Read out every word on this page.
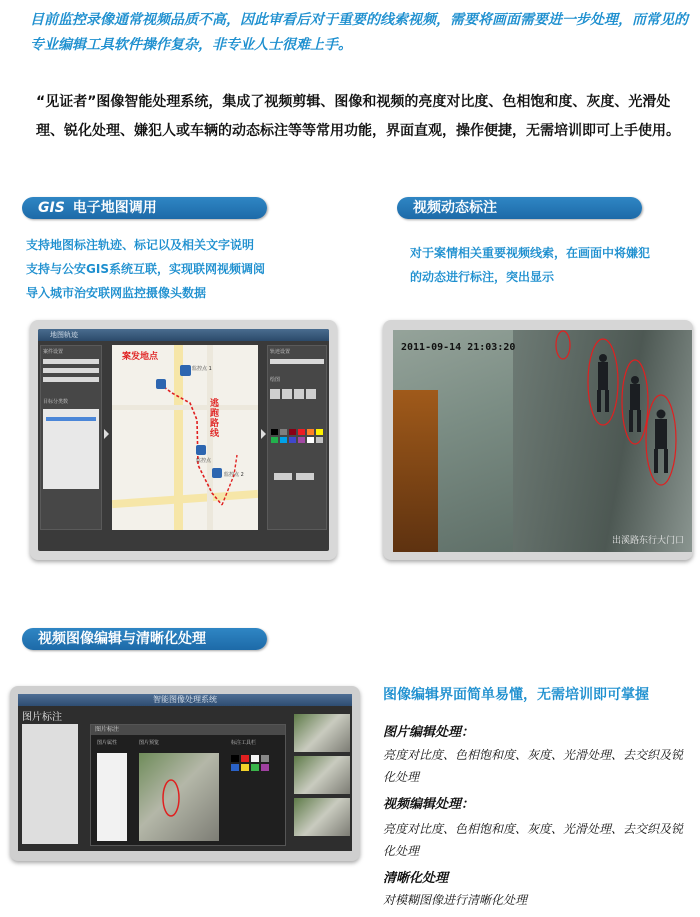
目前监控录像通常视频品质不高，因此审看后对于重要的线索视频，需要将画面需要进一步处理，而常见的专业编辑工具软件操作复杂，非专业人士很难上手。
“见证者”图像智能处理系统，集成了视频剪辑、图像和视频的亮度对比度、色相饱和度、灰度、光滑处理、锐化处理、嫌犯人或车辆的动态标注等等常用功能，界面直观，操作便捷，无需培训即可上手使用。
GIS 电子地图调用
支持地图标注轨迹、标记以及相关文字说明
支持与公安GIS系统互联，实现联网视频调阅
导入城市治安联网监控摄像头数据
地图轨迹
案件设置
目标分类数
案发地点
逃跑路线
监控点 1
监控点
监控点 2
轨迹设置
绘图
视频动态标注
对于案情相关重要视频线索，在画面中将嫌犯
的动态进行标注，突出显示
2011-09-14 21:03:20
出溪路东行大门口
视频图像编辑与清晰化处理
智能图像处理系统
图片标注
图片标注
图片属性	图片预览	标注工具栏
图像编辑界面简单易懂，无需培训即可掌握
图片编辑处理：
亮度对比度、色相饱和度、灰度、光滑处理、去交织及锐化处理
视频编辑处理：
亮度对比度、色相饱和度、灰度、光滑处理、去交织及锐化处理
清晰化处理
对模糊图像进行清晰化处理
